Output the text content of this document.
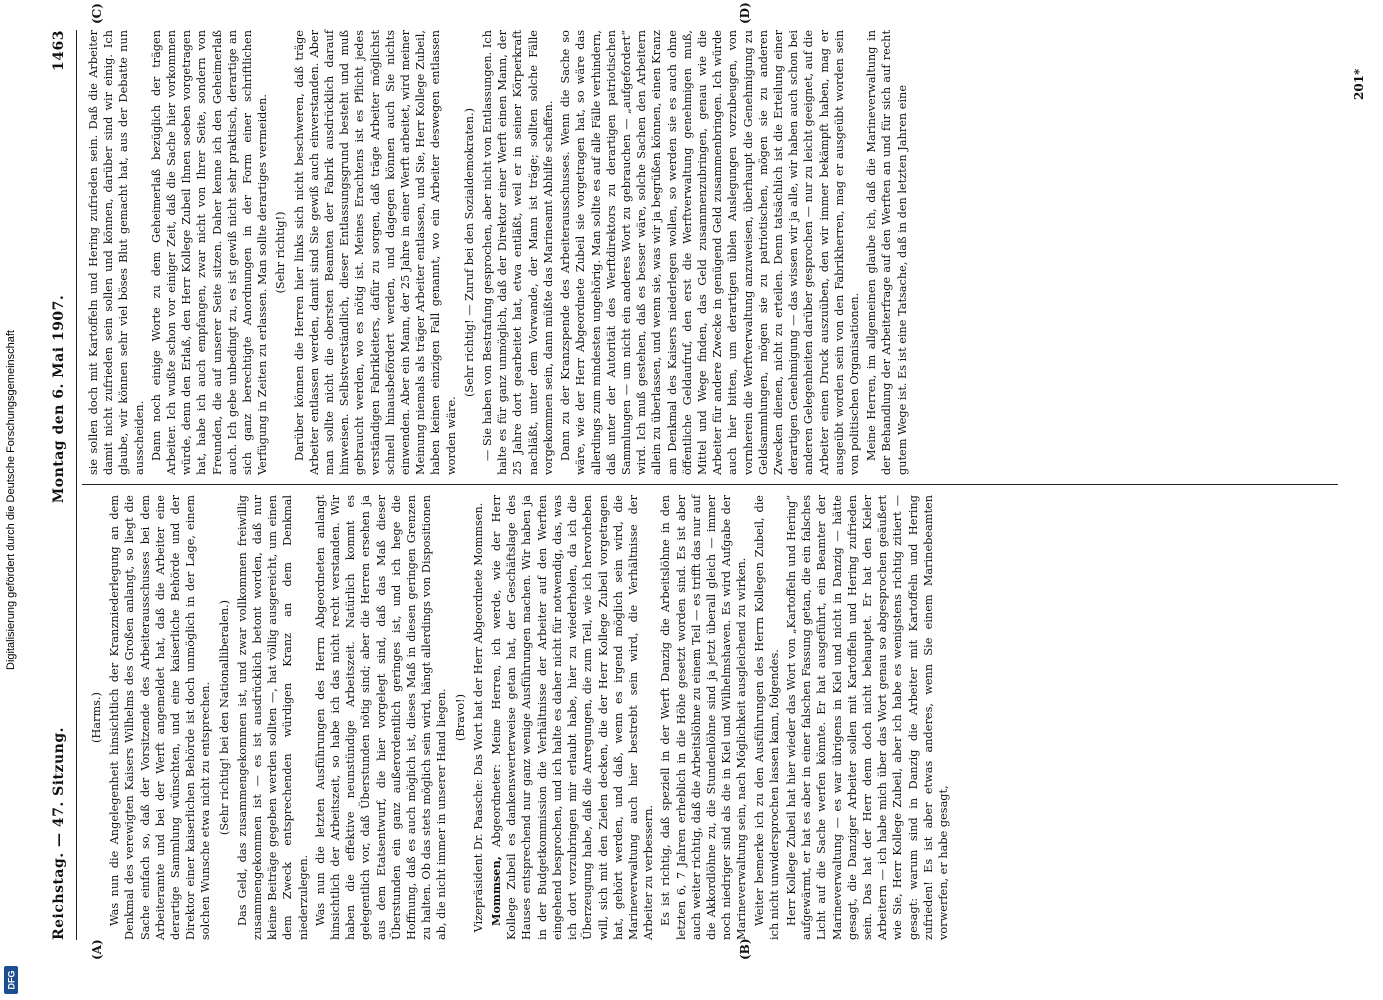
Digitalisierung gefördert durch die Deutsche Forschungsgemeinschaft
DFG
Reichstag. — 47. Sitzung.
Montag den 6. Mai 1907.
1463
(A)	(B)
(C)	(D)

(Harms.) Was nun die Angelegenheit hinsichtlich der Kranzniederlegung an dem Denkmal des verewigten Kaisers Wilhelms des Großen anlangt, so liegt die Sache einfach so, daß der Vorsitzende des Arbeiterausschusses bei dem Arbeiteramte und bei der Werft angemeldet hat, daß die Arbeiter eine derartige Sammlung wünschten, und eine kaiserliche Behörde und der Direktor einer kaiserlichen Behörde ist doch unmöglich in der Lage, einem solchen Wunsche etwa nicht zu entsprechen. (Sehr richtig! bei den Nationalliberalen.) Das Geld, das zusammengekommen ist, und zwar vollkommen freiwillig zusammengekommen ist — es ist ausdrücklich betont worden, daß nur kleine Beiträge gegeben werden sollten —, hat völlig ausgereicht, um einen dem Zweck entsprechenden würdigen Kranz an dem Denkmal niederzulegen. Was nun die letzten Ausführungen des Herrn Abgeordneten anlangt hinsichtlich der Arbeitszeit, so habe ich das nicht recht verstanden. Wir haben die effektive neunstündige Arbeitszeit. Natürlich kommt es gelegentlich vor, daß Überstunden nötig sind; aber die Herren ersehen ja aus dem Etatsentwurf, die hier vorgelegt sind, daß das Maß dieser Überstunden ein ganz außerordentlich geringes ist, und ich hege die Hoffnung, daß es auch möglich ist, dieses Maß in diesen geringen Grenzen zu halten. Ob das stets möglich sein wird, hängt allerdings von Dispositionen ab, die nicht immer in unserer Hand liegen. (Bravo!) Vizepräsident Dr. Paasche: Das Wort hat der Herr Abgeordnete Mommsen. Mommsen, Abgeordneter: Meine Herren, ich werde, wie der Herr Kollege Zubeil es dankenswerterweise getan hat, der Geschäftslage des Hauses entsprechend nur ganz wenige Ausführungen machen. Wir haben ja in der Budgetkommission die Verhältnisse der Arbeiter auf den Werften eingehend besprochen, und ich halte es daher nicht für notwendig, das, was ich dort vorzubringen mir erlaubt habe, hier zu wiederholen, da ich die Überzeugung habe, daß die Anregungen, die zum Teil, wie ich hervorheben will, sich mit den Zielen decken, die der Herr Kollege Zubeil vorgetragen hat, gehört werden, und daß, wenn es irgend möglich sein wird, die Marineverwaltung auch hier bestrebt sein wird, die Verhältnisse der Arbeiter zu verbessern. Es ist richtig, daß speziell in der Werft Danzig die Arbeitslöhne in den letzten 6, 7 Jahren erheblich in die Höhe gesetzt worden sind. Es ist aber auch weiter richtig, daß die Arbeitslöhne zu einem Teil — es trifft das nur auf die Akkordlöhne zu, die Stundenlöhne sind ja jetzt überall gleich — immer noch niedriger sind als die in Kiel und Wilhelmshaven. Es wird Aufgabe der Marineverwaltung sein, nach Möglichkeit ausgleichend zu wirken. Weiter bemerke ich zu den Ausführungen des Herrn Kollegen Zubeil, die ich nicht unwidersprochen lassen kann, folgendes. Herr Kollege Zubeil hat hier wieder das Wort von „Kartoffeln und Hering“ aufgewärmt, er hat es aber in einer falschen Fassung getan, die ein falsches Licht auf die Sache werfen könnte. Er hat ausgeführt, ein Beamter der Marineverwaltung — es war übrigens in Kiel und nicht in Danzig — hätte gesagt, die Danziger Arbeiter sollen mit Kartoffeln und Hering zufrieden sein. Das hat der Herr denn doch nicht behauptet. Er hat den Kieler Arbeitern — ich habe mich über das Wort genau so abgesprochen geäußert wie Sie, Herr Kollege Zubeil, aber ich habe es wenigstens richtig zitiert — gesagt: warum sind in Danzig die Arbeiter mit Kartoffeln und Hering zufrieden! Es ist aber etwas anderes, wenn Sie einem Marinebeamten vorwerfen, er habe gesagt,

sie sollen doch mit Kartoffeln und Hering zufrieden sein. Daß die Arbeiter damit nicht zufrieden sein sollen und können, darüber sind wir einig. Ich glaube, wir können sehr viel böses Blut gemacht hat, aus der Debatte nun ausscheiden. Dann noch einige Worte zu dem Geheimerlaß bezüglich der trägen Arbeiter. Ich wußte schon vor einiger Zeit, daß die Sache hier vorkommen würde, denn den Erlaß, den Herr Kollege Zubeil Ihnen soeben vorgetragen hat, habe ich auch empfangen, zwar nicht von Ihrer Seite, sondern von Freunden, die auf unserer Seite sitzen. Daher kenne ich den Geheimerlaß auch. Ich gebe unbedingt zu, es ist gewiß nicht sehr praktisch, derartige an sich ganz berechtigte Anordnungen in der Form einer schriftlichen Verfügung in Zeiten zu erlassen. Man sollte derartiges vermeiden. (Sehr richtig!) Darüber können die Herren hier links sich nicht beschweren, daß träge Arbeiter entlassen werden, damit sind Sie gewiß auch einverstanden. Aber man sollte nicht die obersten Beamten der Fabrik ausdrücklich darauf hinweisen. Selbstverständlich, dieser Entlassungsgrund besteht und muß gebraucht werden, wo es nötig ist. Meines Erachtens ist es Pflicht jedes verständigen Fabrikleiters, dafür zu sorgen, daß träge Arbeiter möglichst schnell hinausbefördert werden, und dagegen können auch Sie nichts einwenden. Aber ein Mann, der 25 Jahre in einer Werft arbeitet, wird meiner Meinung niemals als träger Arbeiter entlassen, und Sie, Herr Kollege Zubeil, haben keinen einzigen Fall genannt, wo ein Arbeiter deswegen entlassen worden wäre.

(Sehr richtig! — Zuruf bei den Sozialdemokraten.) — Sie haben von Bestrafung gesprochen, aber nicht von Entlassungen. Ich halte es für ganz unmöglich, daß der Direktor einer Werft einen Mann, der 25 Jahre dort gearbeitet hat, etwa entläßt, weil er in seiner Körperkraft nachläßt, unter dem Vorwande, der Mann ist träge; sollten solche Fälle vorgekommen sein, dann müßte das Marineamt Abhilfe schaffen. Dann zu der Kranzspende des Arbeiterausschusses. Wenn die Sache so wäre, wie der Herr Abgeordnete Zubeil sie vorgetragen hat, so wäre das allerdings zum mindesten ungehörig. Man sollte es auf alle Fälle verhindern, daß unter der Autorität des Werftdirektors zu derartigen patriotischen Sammlungen — um nicht ein anderes Wort zu gebrauchen — „aufgefordert“ wird. Ich muß gestehen, daß es besser wäre, solche Sachen den Arbeitern allein zu überlassen, und wenn sie, was wir ja begrüßen können, einen Kranz am Denkmal des Kaisers niederlegen wollen, so werden sie es auch ohne öffentliche Geldaufruf, den erst die Werftverwaltung genehmigen muß, Mittel und Wege finden, das Geld zusammenzubringen, genau wie die Arbeiter für andere Zwecke in genügend Geld zusammenbringen. Ich würde auch hier bitten, um derartigen üblen Auslegungen vorzubeugen, von vornherein die Werftverwaltung anzuweisen, überhaupt die Genehmigung zu Geldsammlungen, mögen sie zu patriotischen, mögen sie zu anderen Zwecken dienen, nicht zu erteilen. Denn tatsächlich ist die Erteilung einer derartigen Genehmigung — das wissen wir ja alle, wir haben auch schon bei anderen Gelegenheiten darüber gesprochen — nur zu leicht geeignet, auf die Arbeiter einen Druck auszuüben, den wir immer bekämpft haben, mag er ausgeübt worden sein von den Fabrikherren, mag er ausgeübt worden sein von politischen Organisationen. Meine Herren, im allgemeinen glaube ich, daß die Marineverwaltung in der Behandlung der Arbeiterfrage auf den Werften an und für sich auf recht gutem Wege ist. Es ist eine Tatsache, daß in den letzten Jahren eine

201*
